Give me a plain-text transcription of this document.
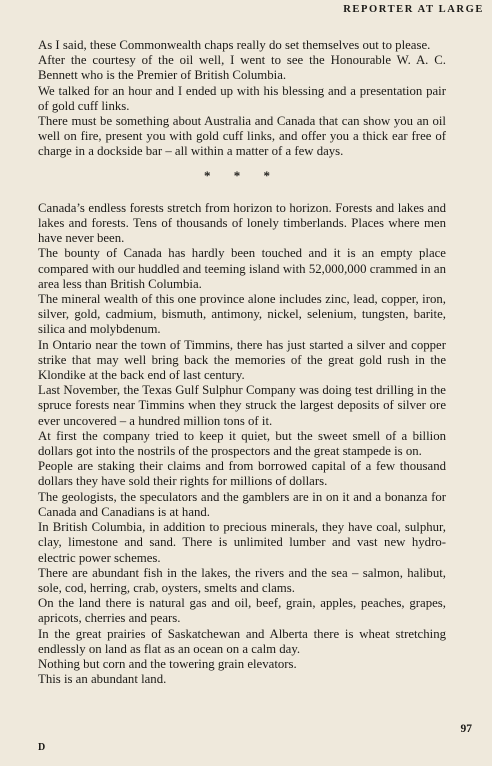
REPORTER AT LARGE

As I said, these Commonwealth chaps really do set themselves out to please.

After the courtesy of the oil well, I went to see the Honourable W. A. C. Bennett who is the Premier of British Columbia.

We talked for an hour and I ended up with his blessing and a presentation pair of gold cuff links.

There must be something about Australia and Canada that can show you an oil well on fire, present you with gold cuff links, and offer you a thick ear free of charge in a dockside bar – all within a matter of a few days.

* * *

Canada’s endless forests stretch from horizon to horizon. Forests and lakes and lakes and forests. Tens of thousands of lonely timberlands. Places where men have never been.

The bounty of Canada has hardly been touched and it is an empty place compared with our huddled and teeming island with 52,000,000 crammed in an area less than British Columbia.

The mineral wealth of this one province alone includes zinc, lead, copper, iron, silver, gold, cadmium, bismuth, antimony, nickel, selenium, tungsten, barite, silica and molybdenum.

In Ontario near the town of Timmins, there has just started a silver and copper strike that may well bring back the memories of the great gold rush in the Klondike at the back end of last century.

Last November, the Texas Gulf Sulphur Company was doing test drilling in the spruce forests near Timmins when they struck the largest deposits of silver ore ever uncovered – a hundred million tons of it.

At first the company tried to keep it quiet, but the sweet smell of a billion dollars got into the nostrils of the prospectors and the great stampede is on.

People are staking their claims and from borrowed capital of a few thousand dollars they have sold their rights for millions of dollars.

The geologists, the speculators and the gamblers are in on it and a bonanza for Canada and Canadians is at hand.

In British Columbia, in addition to precious minerals, they have coal, sulphur, clay, limestone and sand. There is unlimited lumber and vast new hydro-electric power schemes.

There are abundant fish in the lakes, the rivers and the sea – salmon, halibut, sole, cod, herring, crab, oysters, smelts and clams.

On the land there is natural gas and oil, beef, grain, apples, peaches, grapes, apricots, cherries and pears.

In the great prairies of Saskatchewan and Alberta there is wheat stretching endlessly on land as flat as an ocean on a calm day.

Nothing but corn and the towering grain elevators.

This is an abundant land.

97
D
